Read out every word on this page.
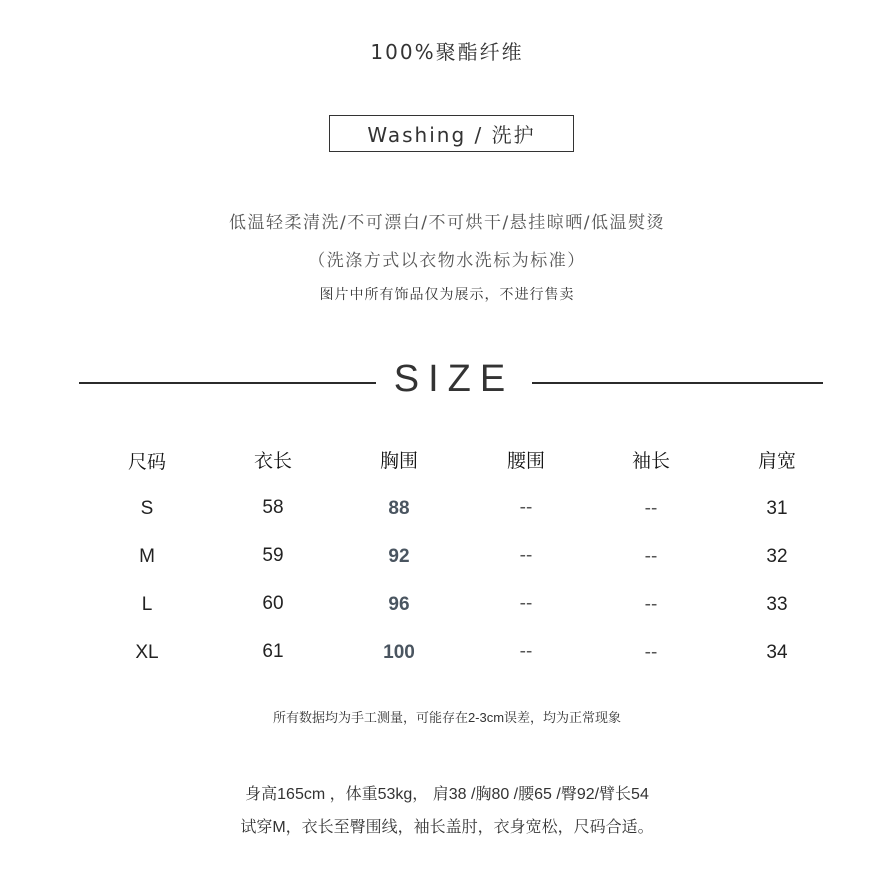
100%聚酯纤维
Washing / 洗护
低温轻柔清洗/不可漂白/不可烘干/悬挂晾晒/低温熨烫
（洗涤方式以衣物水洗标为标准）
图片中所有饰品仅为展示，不进行售卖
SIZE
尺码	衣长	胸围	腰围	袖长	肩宽
S	58	88	--	--	31
M	59	92	--	--	32
L	60	96	--	--	33
XL	61	100	--	--	34
所有数据均为手工测量，可能存在2-3cm误差，均为正常现象
身高165cm ，体重53kg， 肩38 /胸80 /腰65 /臀92/臂长54
试穿M，衣长至臀围线，袖长盖肘，衣身宽松，尺码合适。
